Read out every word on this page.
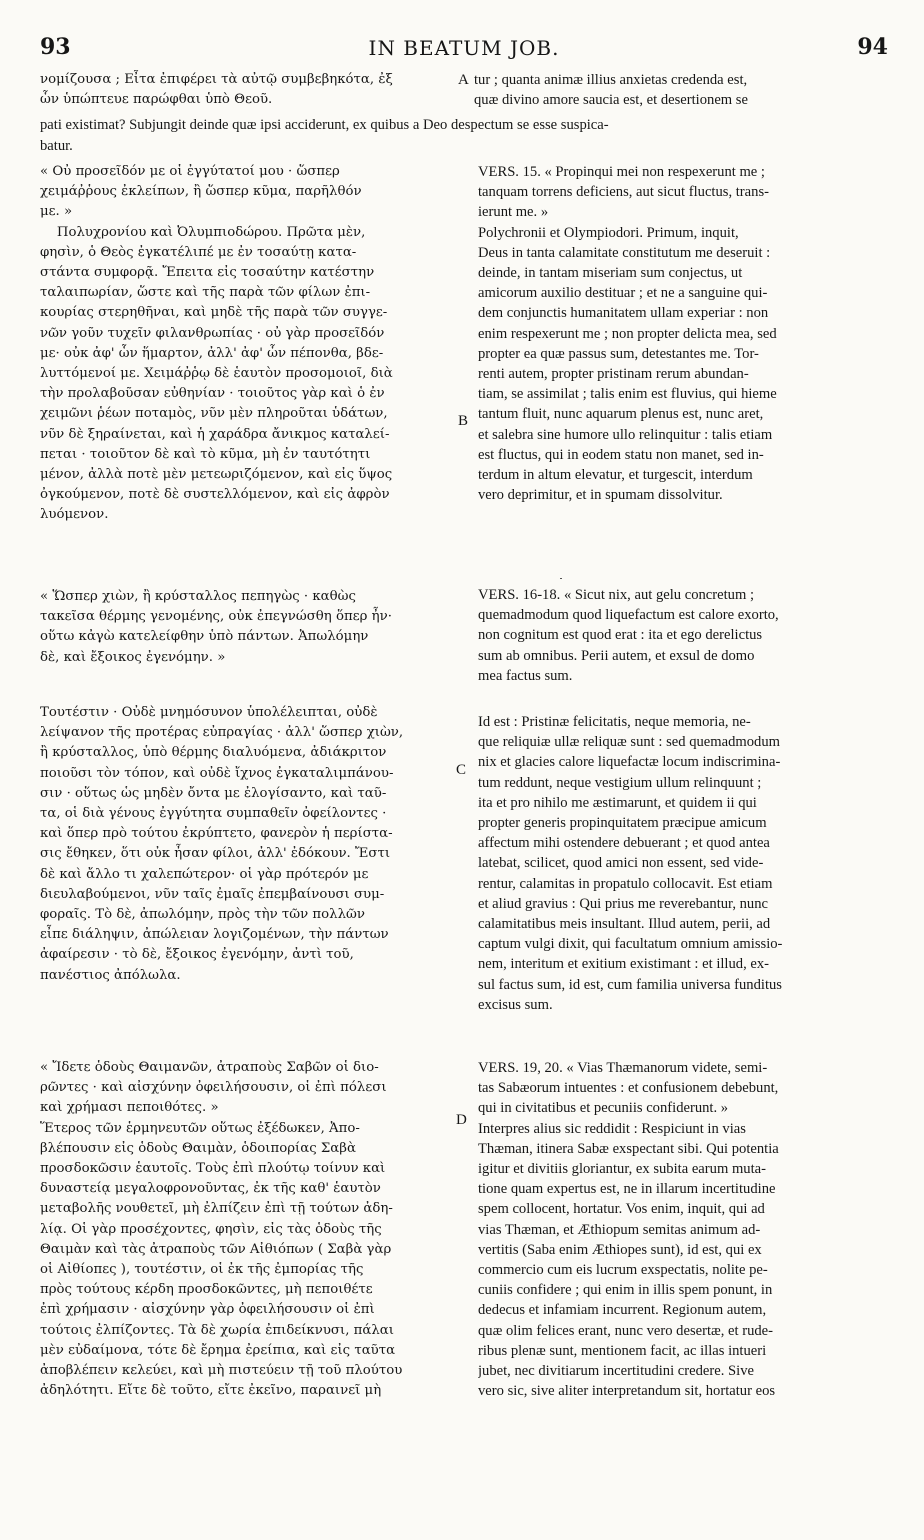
93	IN BEATUM JOB.	94
νομίζουσα ; Εἶτα ἐπιφέρει τὰ αὐτῷ συμβεβηκότα, ἐξ
ὧν ὑπώπτευε παρώφθαι ὑπὸ Θεοῦ.
tur ; quanta animæ illius anxietas credenda est,
quæ divino amore saucia est, et desertionem se
pati existimat? Subjungit deinde quæ ipsi acciderunt, ex quibus a Deo despectum se esse suspica-
batur.
« Οὐ προσεῖδόν με οἱ ἐγγύτατοί μου · ὥσπερ
χειμάῤῥους ἐκλείπων, ἢ ὥσπερ κῦμα, παρῆλθόν
με. »
Πολυχρονίου καὶ Ὀλυμπιοδώρου. Πρῶτα μὲν,
φησὶν, ὁ Θεὸς ἐγκατέλιπέ με ἐν τοσαύτῃ κατα-
στάντα συμφορᾷ. Ἔπειτα εἰς τοσαύτην κατέστην
ταλαιπωρίαν, ὥστε καὶ τῆς παρὰ τῶν φίλων ἐπι-
κουρίας στερηθῆναι, καὶ μηδὲ τῆς παρὰ τῶν συγγε-
νῶν γοῦν τυχεῖν φιλανθρωπίας · οὐ γὰρ προσεῖδόν
με· οὐκ ἀφ' ὧν ἥμαρτον, ἀλλ' ἀφ' ὧν πέπονθα, βδε-
λυττόμενοί με. Χειμάῤῥῳ δὲ ἑαυτὸν προσομοιοῖ, διὰ
τὴν προλαβοῦσαν εὐθηνίαν · τοιοῦτος γὰρ καὶ ὁ ἐν
χειμῶνι ῥέων ποταμὸς, νῦν μὲν πληροῦται ὑδάτων,
νῦν δὲ ξηραίνεται, καὶ ἡ χαράδρα ἄνικμος καταλεί-
πεται · τοιοῦτον δὲ καὶ τὸ κῦμα, μὴ ἐν ταυτότητι
μένον, ἀλλὰ ποτὲ μὲν μετεωριζόμενον, καὶ εἰς ὕψος
ὀγκούμενον, ποτὲ δὲ συστελλόμενον, καὶ εἰς ἀφρὸν
λυόμενον.
« Ὥσπερ χιὼν, ἢ κρύσταλλος πεπηγὼς · καθὼς
τακεῖσα θέρμης γενομένης, οὐκ ἐπεγνώσθη ὅπερ ἦν·
οὕτω κἀγὼ κατελείφθην ὑπὸ πάντων. Ἀπωλόμην
δὲ, καὶ ἔξοικος ἐγενόμην. »
Τουτέστιν · Οὐδὲ μνημόσυνον ὑπολέλειπται, οὐδὲ
λείψανον τῆς προτέρας εὐπραγίας · ἀλλ' ὥσπερ χιὼν,
ἢ κρύσταλλος, ὑπὸ θέρμης διαλυόμενα, ἀδιάκριτον
ποιοῦσι τὸν τόπον, καὶ οὐδὲ ἴχνος ἐγκαταλιμπάνου-
σιν · οὕτως ὡς μηδὲν ὄντα με ἐλογίσαντο, καὶ ταῦ-
τα, οἱ διὰ γένους ἐγγύτητα συμπαθεῖν ὀφείλοντες ·
καὶ ὅπερ πρὸ τούτου ἐκρύπτετο, φανερὸν ἡ περίστα-
σις ἔθηκεν, ὅτι οὐκ ἦσαν φίλοι, ἀλλ' ἐδόκουν. Ἔστι
δὲ καὶ ἄλλο τι χαλεπώτερον· οἱ γὰρ πρότερόν με
διευλαβούμενοι, νῦν ταῖς ἐμαῖς ἐπεμβαίνουσι συμ-
φοραῖς. Τὸ δὲ, ἀπωλόμην, πρὸς τὴν τῶν πολλῶν
εἶπε διάληψιν, ἀπώλειαν λογιζομένων, τὴν πάντων
ἀφαίρεσιν · τὸ δὲ, ἔξοικος ἐγενόμην, ἀντὶ τοῦ,
πανέστιος ἀπόλωλα.
« Ἴδετε ὁδοὺς Θαιμανῶν, ἀτραποὺς Σαβῶν οἱ διο-
ρῶντες · καὶ αἰσχύνην ὀφειλήσουσιν, οἱ ἐπὶ πόλεσι
καὶ χρήμασι πεποιθότες. »
Ἕτερος τῶν ἑρμηνευτῶν οὕτως ἐξέδωκεν, Ἀπο-
βλέπουσιν εἰς ὁδοὺς Θαιμὰν, ὁδοιπορίας Σαβὰ
προσδοκῶσιν ἑαυτοῖς. Τοὺς ἐπὶ πλούτῳ τοίνυν καὶ
δυναστείᾳ μεγαλοφρονοῦντας, ἐκ τῆς καθ' ἑαυτὸν
μεταβολῆς νουθετεῖ, μὴ ἐλπίζειν ἐπὶ τῇ τούτων ἀδη-
λίᾳ. Οἱ γὰρ προσέχοντες, φησὶν, εἰς τὰς ὁδοὺς τῆς
Θαιμὰν καὶ τὰς ἀτραποὺς τῶν Αἰθιόπων ( Σαβὰ γὰρ
οἱ Αἰθίοπες ), τουτέστιν, οἱ ἐκ τῆς ἐμπορίας τῆς
πρὸς τούτους κέρδη προσδοκῶντες, μὴ πεποιθέτε
ἐπὶ χρήμασιν · αἰσχύνην γὰρ ὀφειλήσουσιν οἱ ἐπὶ
τούτοις ἐλπίζοντες. Τὰ δὲ χωρία ἐπιδείκνυσι, πάλαι
μὲν εὐδαίμονα, τότε δὲ ἔρημα ἐρείπια, καὶ εἰς ταῦτα
ἀποβλέπειν κελεύει, καὶ μὴ πιστεύειν τῇ τοῦ πλούτου
ἀδηλότητι. Εἴτε δὲ τοῦτο, εἴτε ἐκεῖνο, παραινεῖ μὴ
VERS. 15. « Propinqui mei non respexerunt me ;
tanquam torrens deficiens, aut sicut fluctus, trans-
ierunt me. »
Polychronii et Olympiodori. Primum, inquit,
Deus in tanta calamitate constitutum me deseruit :
deinde, in tantam miseriam sum conjectus, ut
amicorum auxilio destituar ; et ne a sanguine qui-
dem conjunctis humanitatem ullam experiar : non
enim respexerunt me ; non propter delicta mea, sed
propter ea quæ passus sum, detestantes me. Tor-
renti autem, propter pristinam rerum abundan-
tiam, se assimilat ; talis enim est fluvius, qui hieme
tantum fluit, nunc aquarum plenus est, nunc aret,
et salebra sine humore ullo relinquitur : talis etiam
est fluctus, qui in eodem statu non manet, sed in-
terdum in altum elevatur, et turgescit, interdum
vero deprimitur, et in spumam dissolvitur.
VERS. 16-18. « Sicut nix, aut gelu concretum ;
quemadmodum quod liquefactum est calore exorto,
non cognitum est quod erat : ita et ego derelictus
sum ab omnibus. Perii autem, et exsul de domo
mea factus sum.
Id est : Pristinæ felicitatis, neque memoria, ne-
que reliquiæ ullæ reliquæ sunt : sed quemadmodum
nix et glacies calore liquefactæ locum indiscrimina-
tum reddunt, neque vestigium ullum relinquunt ;
ita et pro nihilo me æstimarunt, et quidem ii qui
propter generis propinquitatem præcipue amicum
affectum mihi ostendere debuerant ; et quod antea
latebat, scilicet, quod amici non essent, sed vide-
rentur, calamitas in propatulo collocavit. Est etiam
et aliud gravius : Qui prius me reverebantur, nunc
calamitatibus meis insultant. Illud autem, perii, ad
captum vulgi dixit, qui facultatum omnium amissio-
nem, interitum et exitium existimant : et illud, ex-
sul factus sum, id est, cum familia universa funditus
excisus sum.
VERS. 19, 20. « Vias Thæmanorum videte, semi-
tas Sabæorum intuentes : et confusionem debebunt,
qui in civitatibus et pecuniis confiderunt. »
Interpres alius sic reddidit : Respiciunt in vias
Thæman, itinera Sabæ exspectant sibi. Qui potentia
igitur et divitiis gloriantur, ex subita earum muta-
tione quam expertus est, ne in illarum incertitudine
spem collocent, hortatur. Vos enim, inquit, qui ad
vias Thæman, et Æthiopum semitas animum ad-
vertitis (Saba enim Æthiopes sunt), id est, qui ex
commercio cum eis lucrum exspectatis, nolite pe-
cuniis confidere ; qui enim in illis spem ponunt, in
dedecus et infamiam incurrent. Regionum autem,
quæ olim felices erant, nunc vero desertæ, et rude-
ribus plenæ sunt, mentionem facit, ac illas intueri
jubet, nec divitiarum incertitudini credere. Sive
vero sic, sive aliter interpretandum sit, hortatur eos
A
B
C
D
